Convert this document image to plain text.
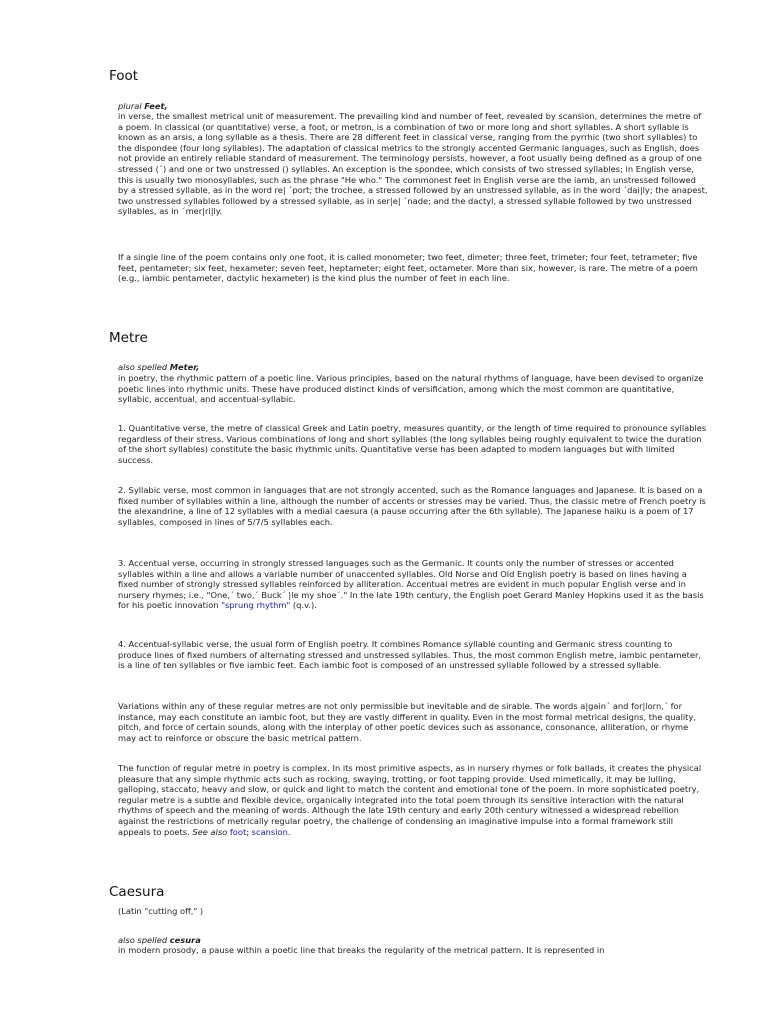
Foot
plural Feet,

in verse, the smallest metrical unit of measurement. The prevailing kind and number of feet, revealed by scansion, determines the metre of a poem. In classical (or quantitative) verse, a foot, or metron, is a combination of two or more long and short syllables. A short syllable is known as an arsis, a long syllable as a thesis. There are 28 different feet in classical verse, ranging from the pyrrhic (two short syllables) to the dispondee (four long syllables). The adaptation of classical metrics to the strongly accented Germanic languages, such as English, does not provide an entirely reliable standard of measurement. The terminology persists, however, a foot usually being defined as a group of one stressed (´) and one or two unstressed () syllables. An exception is the spondee, which consists of two stressed syllables; in English verse, this is usually two monosyllables, such as the phrase "He who." The commonest feet in English verse are the iamb, an unstressed followed by a stressed syllable, as in the word re| ´port; the trochee, a stressed followed by an unstressed syllable, as in the word ´dai|ly; the anapest, two unstressed syllables followed by a stressed syllable, as in ser|e| ´nade; and the dactyl, a stressed syllable followed by two unstressed syllables, as in ´mer|ri|ly.

If a single line of the poem contains only one foot, it is called monometer; two feet, dimeter; three feet, trimeter; four feet, tetrameter; five feet, pentameter; six feet, hexameter; seven feet, heptameter; eight feet, octameter. More than six, however, is rare. The metre of a poem (e.g., iambic pentameter, dactylic hexameter) is the kind plus the number of feet in each line.

Metre
also spelled Meter,

in poetry, the rhythmic pattern of a poetic line. Various principles, based on the natural rhythms of language, have been devised to organize poetic lines into rhythmic units. These have produced distinct kinds of versification, among which the most common are quantitative, syllabic, accentual, and accentual-syllabic.

1. Quantitative verse, the metre of classical Greek and Latin poetry, measures quantity, or the length of time required to pronounce syllables regardless of their stress. Various combinations of long and short syllables (the long syllables being roughly equivalent to twice the duration of the short syllables) constitute the basic rhythmic units. Quantitative verse has been adapted to modern languages but with limited success.

2. Syllabic verse, most common in languages that are not strongly accented, such as the Romance languages and Japanese. It is based on a fixed number of syllables within a line, although the number of accents or stresses may be varied. Thus, the classic metre of French poetry is the alexandrine, a line of 12 syllables with a medial caesura (a pause occurring after the 6th syllable). The Japanese haiku is a poem of 17 syllables, composed in lines of 5/7/5 syllables each.

3. Accentual verse, occurring in strongly stressed languages such as the Germanic. It counts only the number of stresses or accented syllables within a line and allows a variable number of unaccented syllables. Old Norse and Old English poetry is based on lines having a fixed number of strongly stressed syllables reinforced by alliteration. Accentual metres are evident in much popular English verse and in nursery rhymes; i.e., "One,´ two,´ Buck´ |le my shoe´." In the late 19th century, the English poet Gerard Manley Hopkins used it as the basis for his poetic innovation "sprung rhythm" (q.v.).

4. Accentual-syllabic verse, the usual form of English poetry. It combines Romance syllable counting and Germanic stress counting to produce lines of fixed numbers of alternating stressed and unstressed syllables. Thus, the most common English metre, iambic pentameter, is a line of ten syllables or five iambic feet. Each iambic foot is composed of an unstressed syllable followed by a stressed syllable.

Variations within any of these regular metres are not only permissible but inevitable and de sirable. The words a|gain´ and for|lorn,´ for instance, may each constitute an iambic foot, but they are vastly different in quality. Even in the most formal metrical designs, the quality, pitch, and force of certain sounds, along with the interplay of other poetic devices such as assonance, consonance, alliteration, or rhyme may act to reinforce or obscure the basic metrical pattern.

The function of regular metre in poetry is complex. In its most primitive aspects, as in nursery rhymes or folk ballads, it creates the physical pleasure that any simple rhythmic acts such as rocking, swaying, trotting, or foot tapping provide. Used mimetically, it may be lulling, galloping, staccato, heavy and slow, or quick and light to match the content and emotional tone of the poem. In more sophisticated poetry, regular metre is a subtle and flexible device, organically integrated into the total poem through its sensitive interaction with the natural rhythms of speech and the meaning of words. Although the late 19th century and early 20th century witnessed a widespread rebellion against the restrictions of metrically regular poetry, the challenge of condensing an imaginative impulse into a formal framework still appeals to poets. See also foot; scansion.

Caesura

(Latin "cutting off," )

also spelled cesura

in modern prosody, a pause within a poetic line that breaks the regularity of the metrical pattern. It is represented in
